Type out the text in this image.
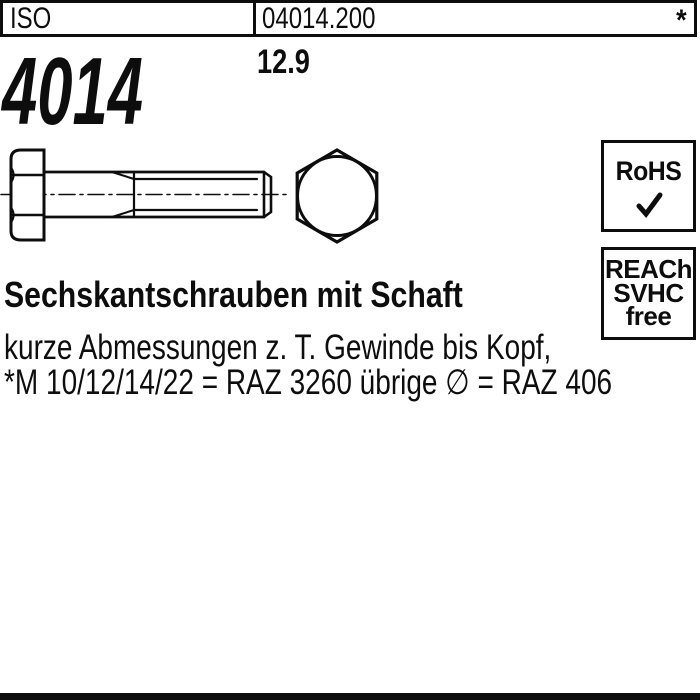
ISO	04014.200	*
4014	12.9
RoHS
REACh
SVHC
free
Sechskantschrauben mit Schaft
kurze Abmessungen z. T. Gewinde bis Kopf,
*M 10/12/14/22 = RAZ 3260 übrige ∅ = RAZ 406
